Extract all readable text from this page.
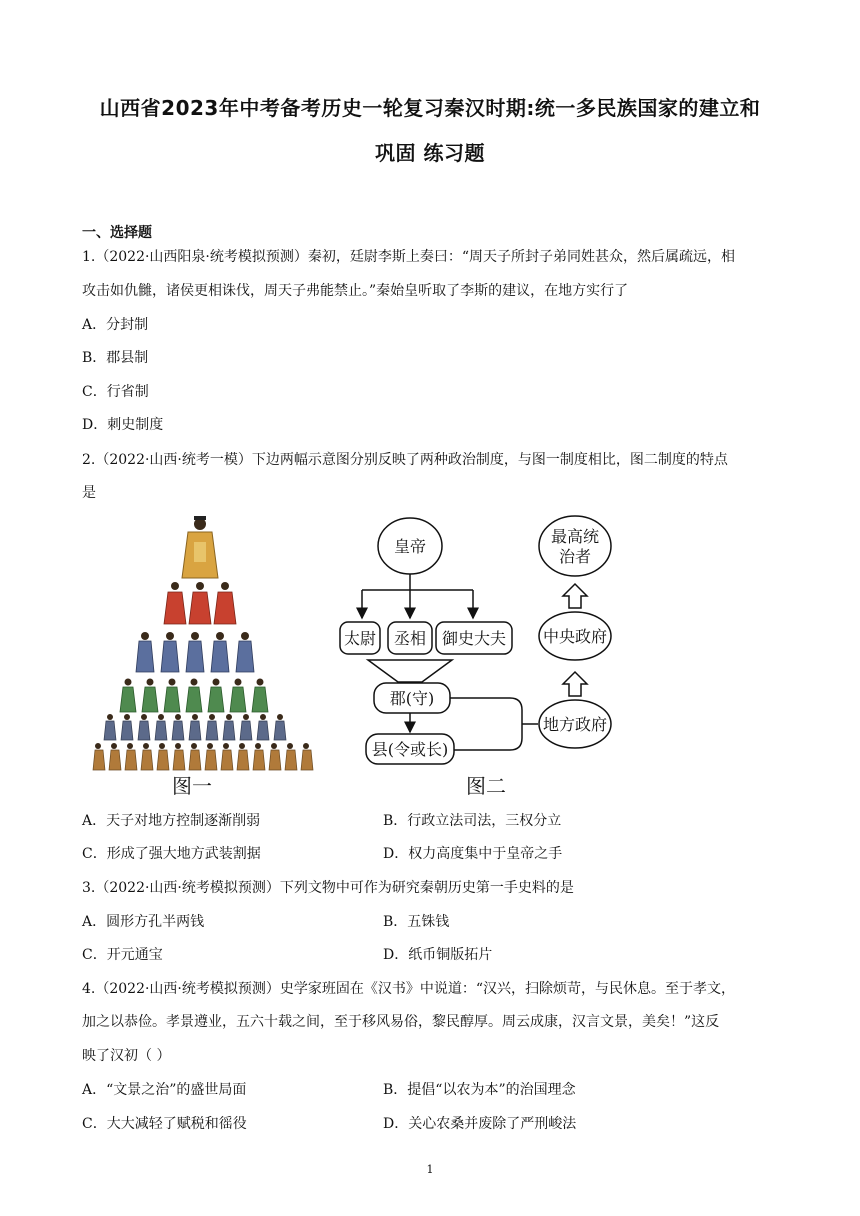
山西省2023年中考备考历史一轮复习秦汉时期:统一多民族国家的建立和
巩固 练习题
一、选择题
1.（2022·山西阳泉·统考模拟预测）秦初，廷尉李斯上奏曰：“周天子所封子弟同姓甚众，然后属疏远，相
攻击如仇雠，诸侯更相诛伐，周天子弗能禁止。”秦始皇听取了李斯的建议，在地方实行了
A．分封制
B．郡县制
C．行省制
D．刺史制度
2.（2022·山西·统考一模）下边两幅示意图分别反映了两种政治制度，与图一制度相比，图二制度的特点
是
图一
皇帝
最高统
治者
太尉 丞相 御史大夫 中央政府
郡(守)
地方政府
县(令或长)
图二
A．天子对地方控制逐渐削弱	B．行政立法司法，三权分立
C．形成了强大地方武装割据	D．权力高度集中于皇帝之手
3.（2022·山西·统考模拟预测）下列文物中可作为研究秦朝历史第一手史料的是
A．圆形方孔半两钱	B．五铢钱
C．开元通宝	D．纸币铜版拓片
4.（2022·山西·统考模拟预测）史学家班固在《汉书》中说道：“汉兴，扫除烦苛，与民休息。至于孝文，
加之以恭俭。孝景遵业，五六十载之间，至于移风易俗，黎民醇厚。周云成康，汉言文景，美矣！”这反
映了汉初（ ）
A．“文景之治”的盛世局面	B．提倡“以农为本”的治国理念
C．大大减轻了赋税和徭役	D．关心农桑并废除了严刑峻法
1
